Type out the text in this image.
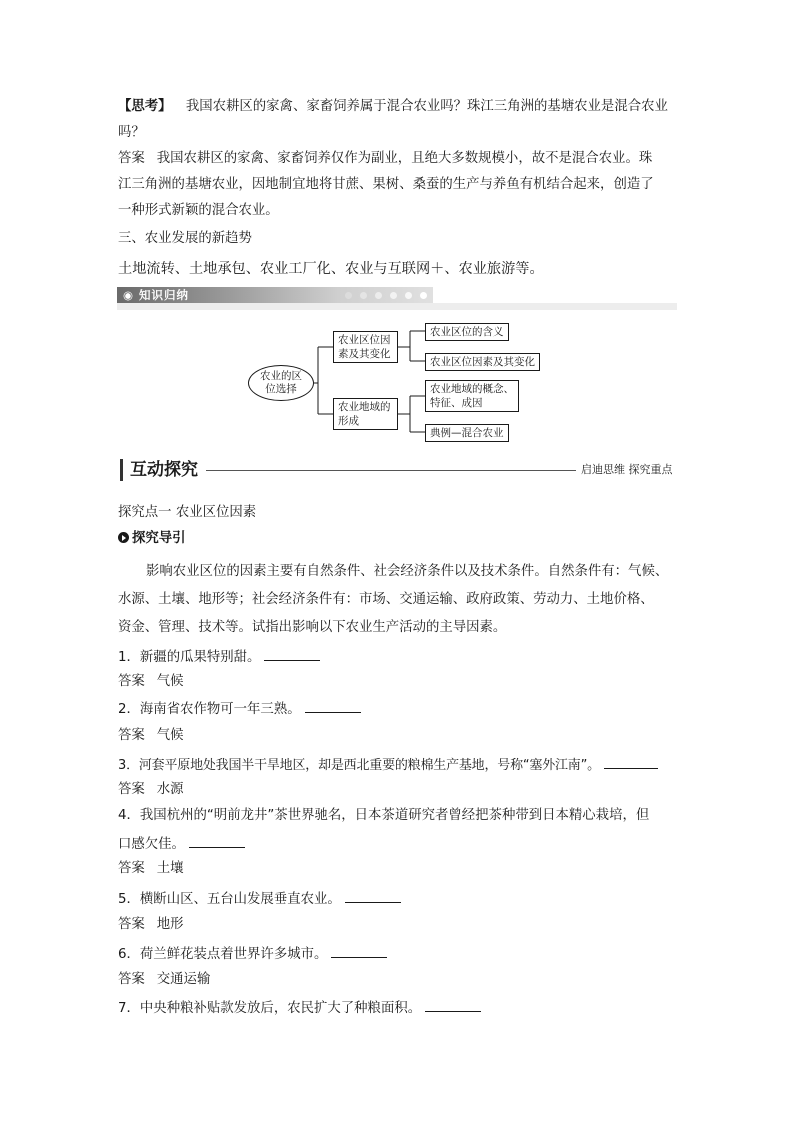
【思考】 我国农耕区的家禽、家畜饲养属于混合农业吗？珠江三角洲的基塘农业是混合农业
吗？
答案 我国农耕区的家禽、家畜饲养仅作为副业，且绝大多数规模小，故不是混合农业。珠
江三角洲的基塘农业，因地制宜地将甘蔗、果树、桑蚕的生产与养鱼有机结合起来，创造了
一种形式新颖的混合农业。
三、农业发展的新趋势
土地流转、土地承包、农业工厂化、农业与互联网＋、农业旅游等。
◉ 知识归纳
农业的区
位选择
农业区位因
素及其变化
农业地域的
形成
农业区位的含义
农业区位因素及其变化
农业地域的概念、
特征、成因
典例—混合农业
互动探究	启迪思维 探究重点
探究点一 农业区位因素
探究导引
影响农业区位的因素主要有自然条件、社会经济条件以及技术条件。自然条件有：气候、
水源、土壤、地形等；社会经济条件有：市场、交通运输、政府政策、劳动力、土地价格、
资金、管理、技术等。试指出影响以下农业生产活动的主导因素。
1．新疆的瓜果特别甜。
答案 气候
2．海南省农作物可一年三熟。
答案 气候
3．河套平原地处我国半干旱地区，却是西北重要的粮棉生产基地，号称“塞外江南”。
答案 水源
4．我国杭州的“明前龙井”茶世界驰名，日本茶道研究者曾经把茶种带到日本精心栽培，但
口感欠佳。
答案 土壤
5．横断山区、五台山发展垂直农业。
答案 地形
6．荷兰鲜花装点着世界许多城市。
答案 交通运输
7．中央种粮补贴款发放后，农民扩大了种粮面积。
